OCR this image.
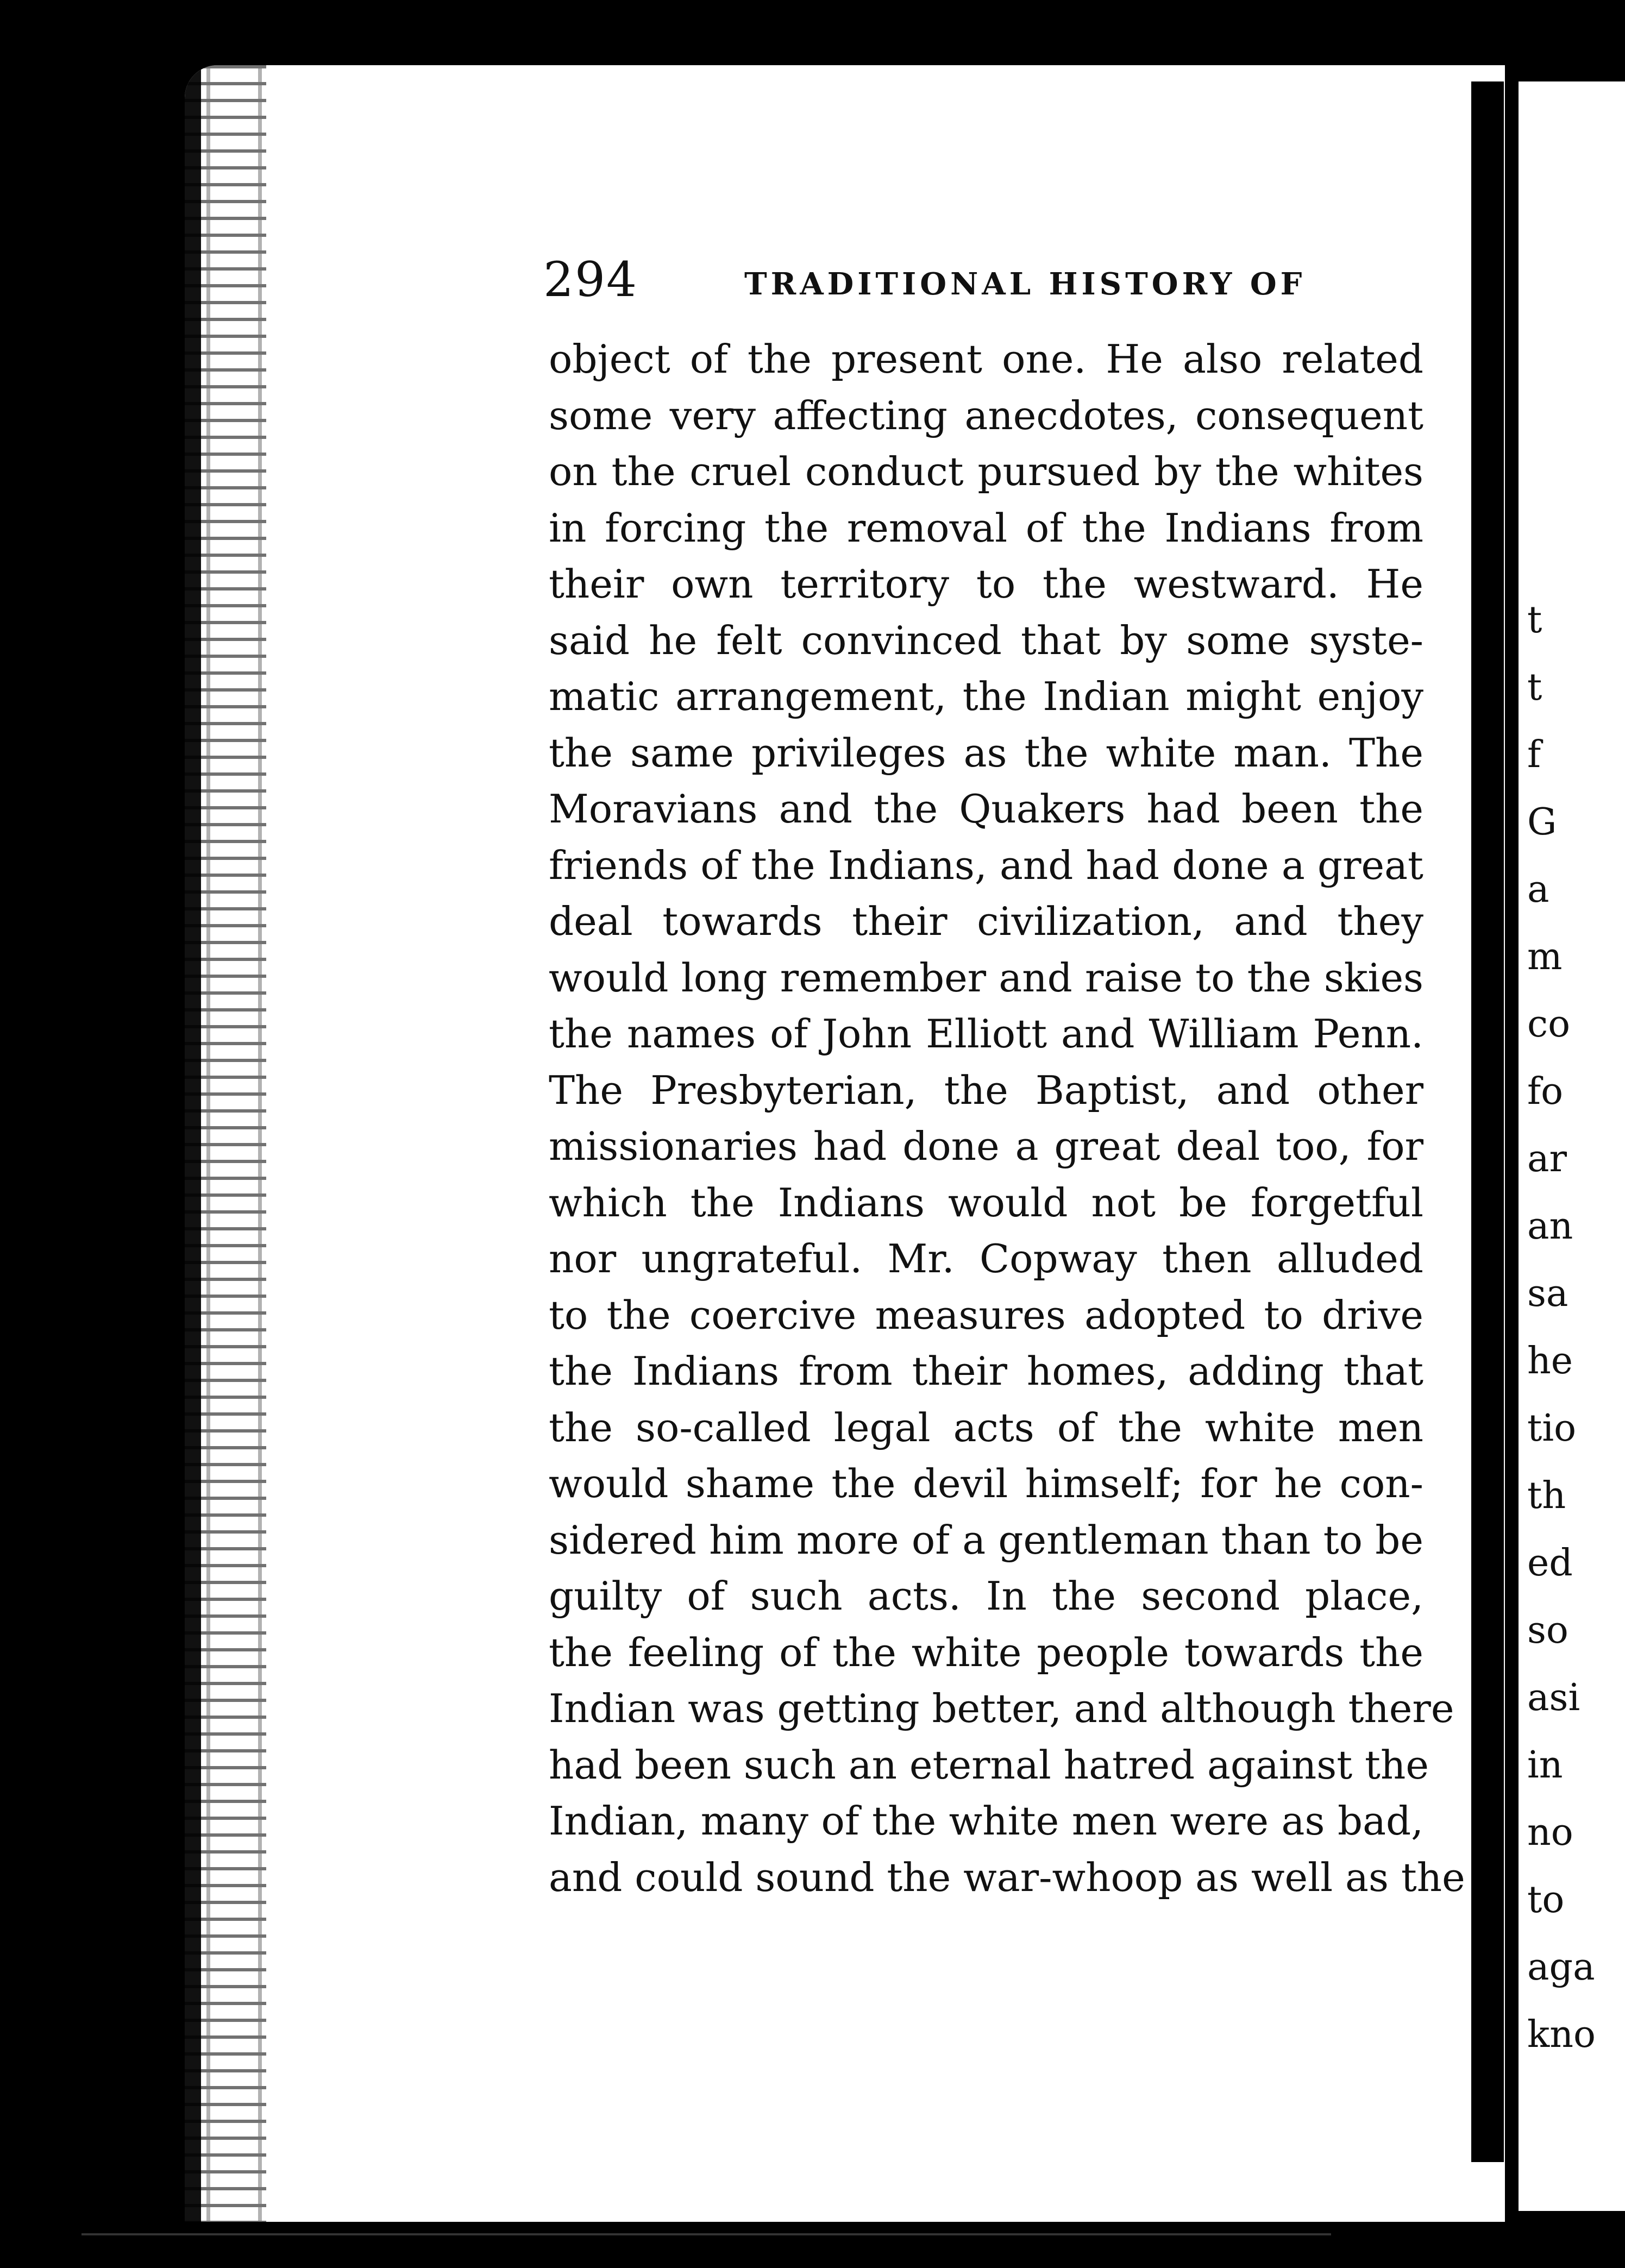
294	TRADITIONAL HISTORY OF
object of the present one. He also related
some very affecting anecdotes, consequent
on the cruel conduct pursued by the whites
in forcing the removal of the Indians from
their own territory to the westward. He
said he felt convinced that by some syste-
matic arrangement, the Indian might enjoy
the same privileges as the white man. The
Moravians and the Quakers had been the
friends of the Indians, and had done a great
deal towards their civilization, and they
would long remember and raise to the skies
the names of John Elliott and William Penn.
The Presbyterian, the Baptist, and other
missionaries had done a great deal too, for
which the Indians would not be forgetful
nor ungrateful. Mr. Copway then alluded
to the coercive measures adopted to drive
the Indians from their homes, adding that
the so-called legal acts of the white men
would shame the devil himself; for he con-
sidered him more of a gentleman than to be
guilty of such acts. In the second place,
the feeling of the white people towards the
Indian was getting better, and although there
had been such an eternal hatred against the
Indian, many of the white men were as bad,
and could sound the war-whoop as well as the
t
t
f
G
a
m
co
fo
ar
an
sa
he
tio
th
ed
so
asi
in
no
to
aga
kno
